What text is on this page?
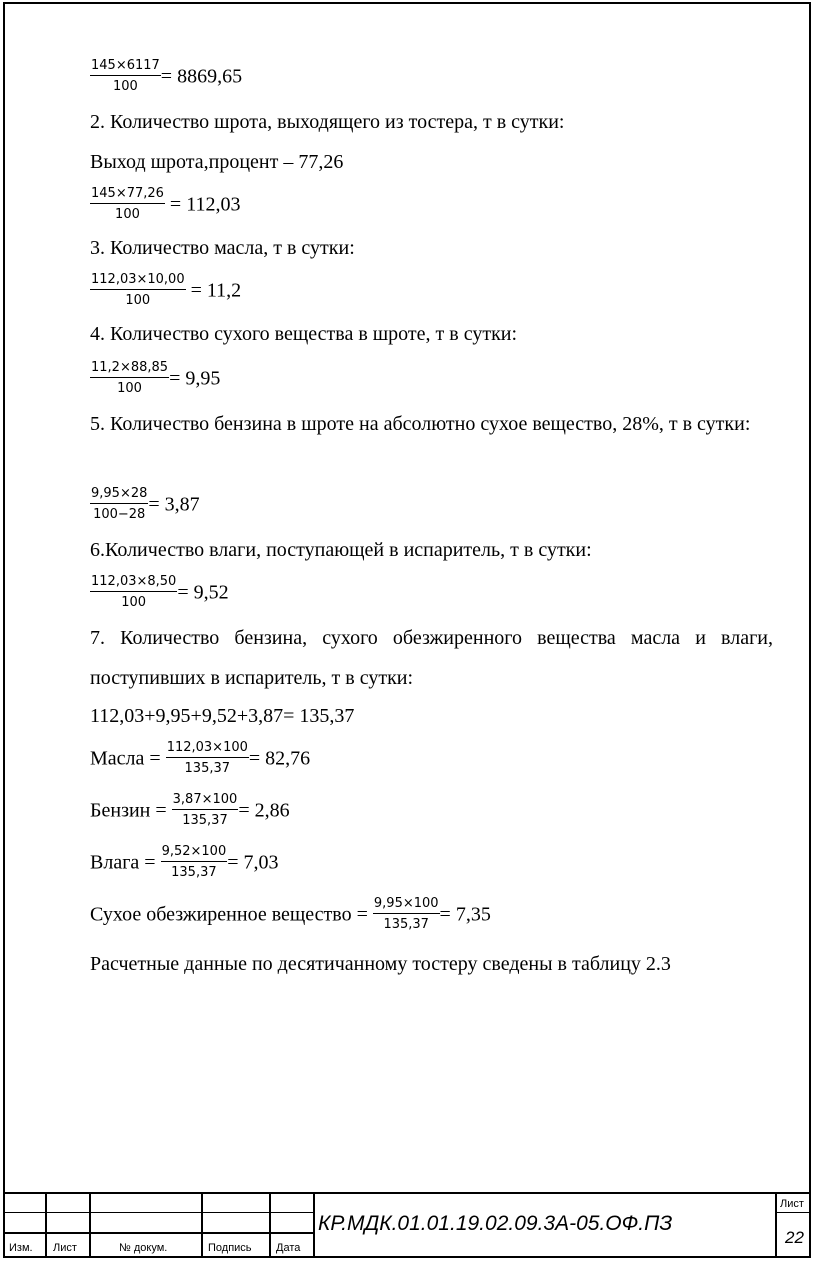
$\frac{145\times 6117}{100} = 8869,65$
2. Количество шрота, выходящего из тостера, т в сутки:
Выход шрота,процент – 77,26
$\frac{145\times 77,26}{100} = 112,03$
3. Количество масла, т в сутки:
$\frac{112,03\times 10,00}{100} = 11,2$
4. Количество сухого вещества в шроте, т в сутки:
$\frac{11,2\times 88,85}{100} = 9,95$
5. Количество бензина в шроте на абсолютно сухое вещество, 28%, т в сутки:
$\frac{9,95\times 28}{100-28} = 3,87$
6.Количество влаги, поступающей в испаритель, т в сутки:
$\frac{112,03\times 8,50}{100} = 9,52$
7. Количество бензина, сухого обезжиренного вещества масла и влаги, поступивших в испаритель, т в сутки:
112,03+9,95+9,52+3,87= 135,37
Масла = $\frac{112,03\times 100}{135,37} = 82,76$
Бензин = $\frac{3,87\times 100}{135,37} = 2,86$
Влага = $\frac{9,52\times 100}{135,37} = 7,03$
Сухое обезжиренное вещество = $\frac{9,95\times 100}{135,37} = 7,35$
Расчетные данные по десятичанному тостеру сведены в таблицу 2.3
Изм. Лист	№ докум.	Подпись Дата
КР.МДК.01.01.19.02.09.3А-05.ОФ.ПЗ
Лист
22
